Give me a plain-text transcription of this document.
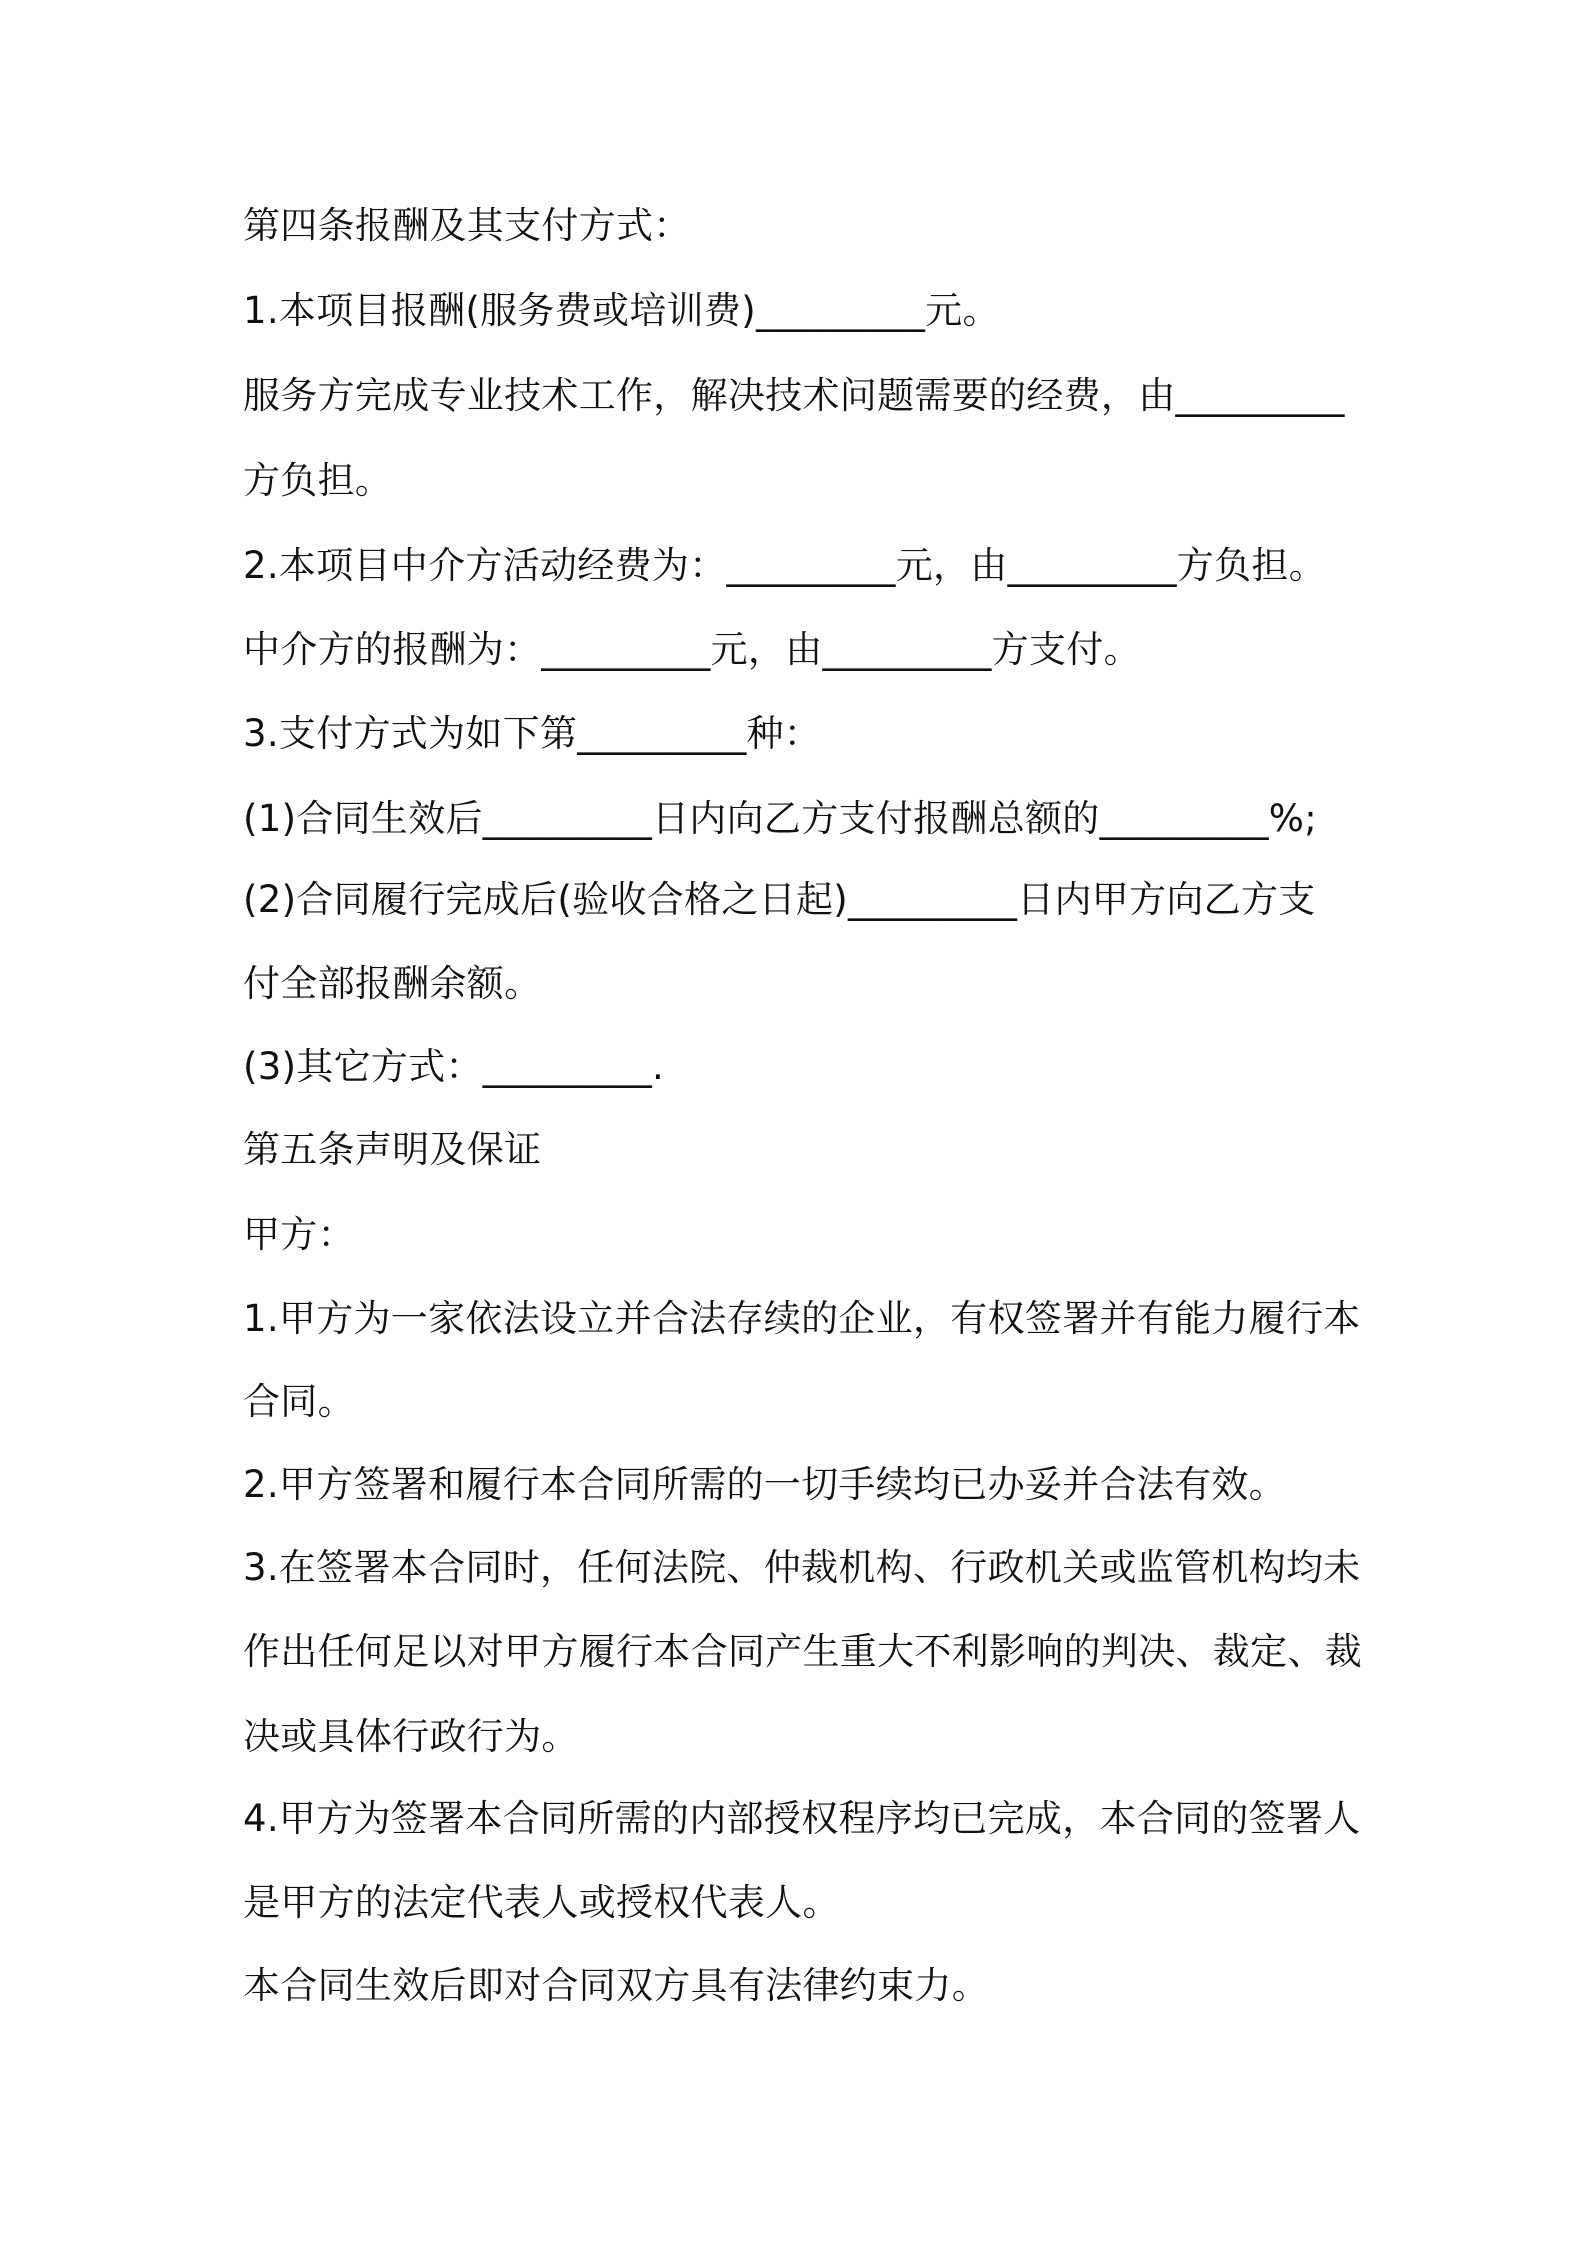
第四条报酬及其支付方式：
1.本项目报酬(服务费或培训费)_________元。
服务方完成专业技术工作，解决技术问题需要的经费，由_________
方负担。
2.本项目中介方活动经费为：_________元，由_________方负担。
中介方的报酬为：_________元，由_________方支付。
3.支付方式为如下第_________种：
(1)合同生效后_________日内向乙方支付报酬总额的_________%;
(2)合同履行完成后(验收合格之日起)_________日内甲方向乙方支
付全部报酬余额。
(3)其它方式：_________.
第五条声明及保证
甲方：
1.甲方为一家依法设立并合法存续的企业，有权签署并有能力履行本
合同。
2.甲方签署和履行本合同所需的一切手续均已办妥并合法有效。
3.在签署本合同时，任何法院、仲裁机构、行政机关或监管机构均未
作出任何足以对甲方履行本合同产生重大不利影响的判决、裁定、裁
决或具体行政行为。
4.甲方为签署本合同所需的内部授权程序均已完成，本合同的签署人
是甲方的法定代表人或授权代表人。
本合同生效后即对合同双方具有法律约束力。
